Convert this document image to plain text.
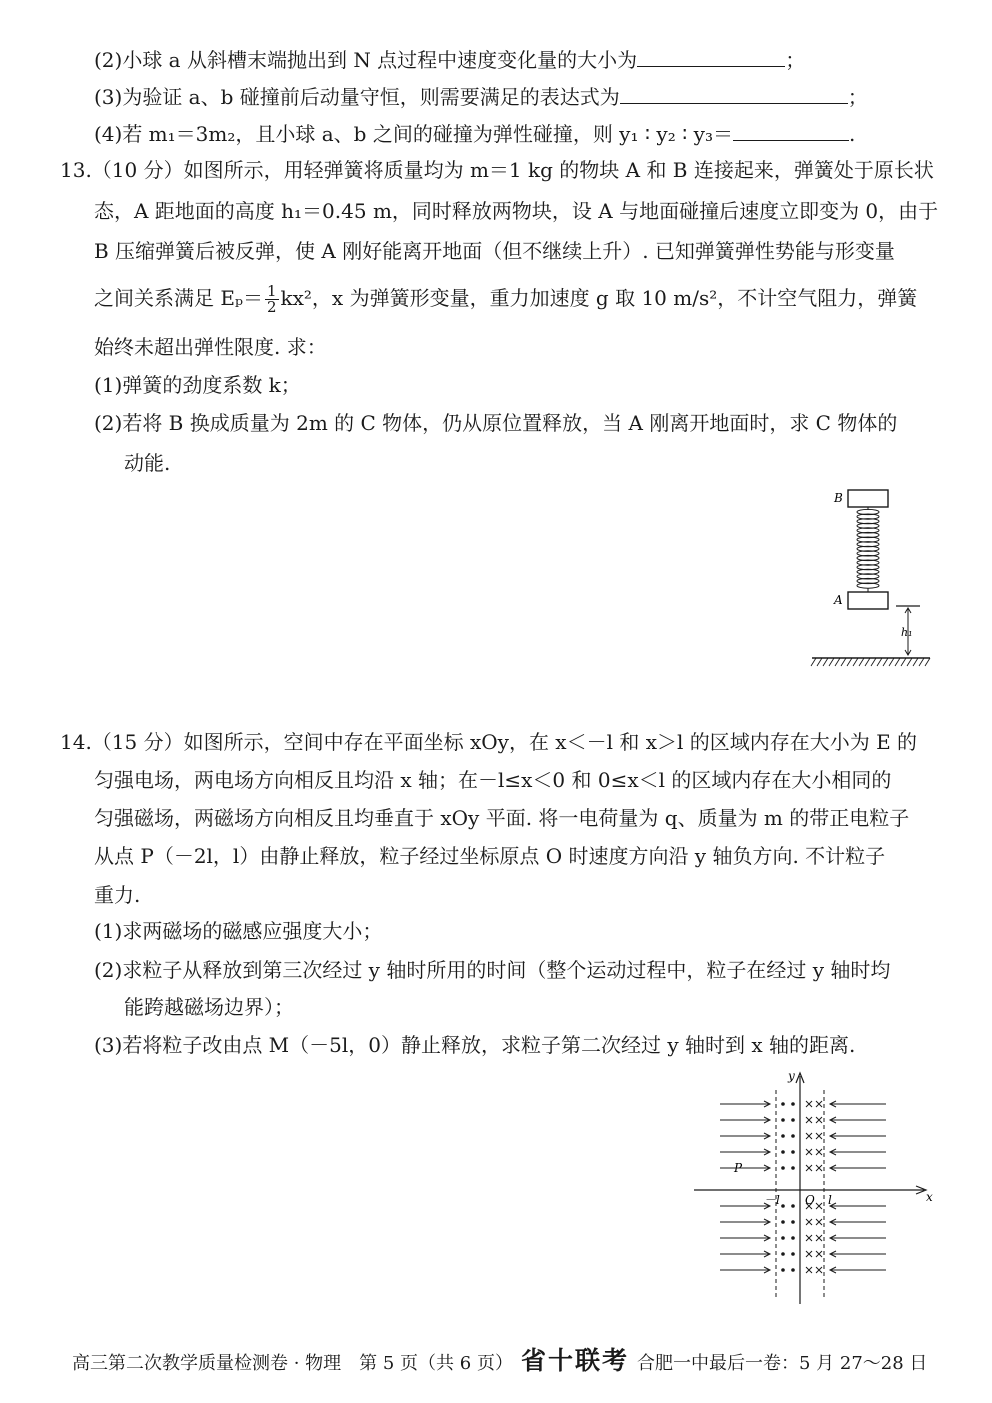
(2)小球 a 从斜槽末端抛出到 N 点过程中速度变化量的大小为	；
(3)为验证 a、b 碰撞前后动量守恒，则需要满足的表达式为	；
(4)若 m₁＝3m₂，且小球 a、b 之间的碰撞为弹性碰撞，则 y₁ ∶ y₂ ∶ y₃＝	.
13.（10 分）如图所示，用轻弹簧将质量均为 m＝1 kg 的物块 A 和 B 连接起来，弹簧处于原长状
态，A 距地面的高度 h₁＝0.45 m，同时释放两物块，设 A 与地面碰撞后速度立即变为 0，由于
B 压缩弹簧后被反弹，使 A 刚好能离开地面（但不继续上升）. 已知弹簧弹性势能与形变量
之间关系满足 $E_p= \frac{1}{2} kx^2$，x 为弹簧形变量，重力加速度 g 取 10 m/s²，不计空气阻力，弹簧
始终未超出弹性限度. 求：
(1)弹簧的劲度系数 k；
(2)若将 B 换成质量为 2m 的 C 物体，仍从原位置释放，当 A 刚离开地面时，求 C 物体的
动能.
B
A
h₁
14.（15 分）如图所示，空间中存在平面坐标 xOy，在 x＜－l 和 x＞l 的区域内存在大小为 E 的
匀强电场，两电场方向相反且均沿 x 轴；在－l≤x＜0 和 0≤x＜l 的区域内存在大小相同的
匀强磁场，两磁场方向相反且均垂直于 xOy 平面. 将一电荷量为 q、质量为 m 的带正电粒子
从点 P（－2l，l）由静止释放，粒子经过坐标原点 O 时速度方向沿 y 轴负方向. 不计粒子
重力.
(1)求两磁场的磁感应强度大小；
(2)求粒子从释放到第三次经过 y 轴时所用的时间（整个运动过程中，粒子在经过 y 轴时均
能跨越磁场边界）；
(3)若将粒子改由点 M（－5l，0）静止释放，求粒子第二次经过 y 轴时到 x 轴的距离.
y
x
－l O l
P
高三第二次教学质量检测卷 · 物理　第 5 页（共 6 页） 省十联考 合肥一中最后一卷：5 月 27～28 日
